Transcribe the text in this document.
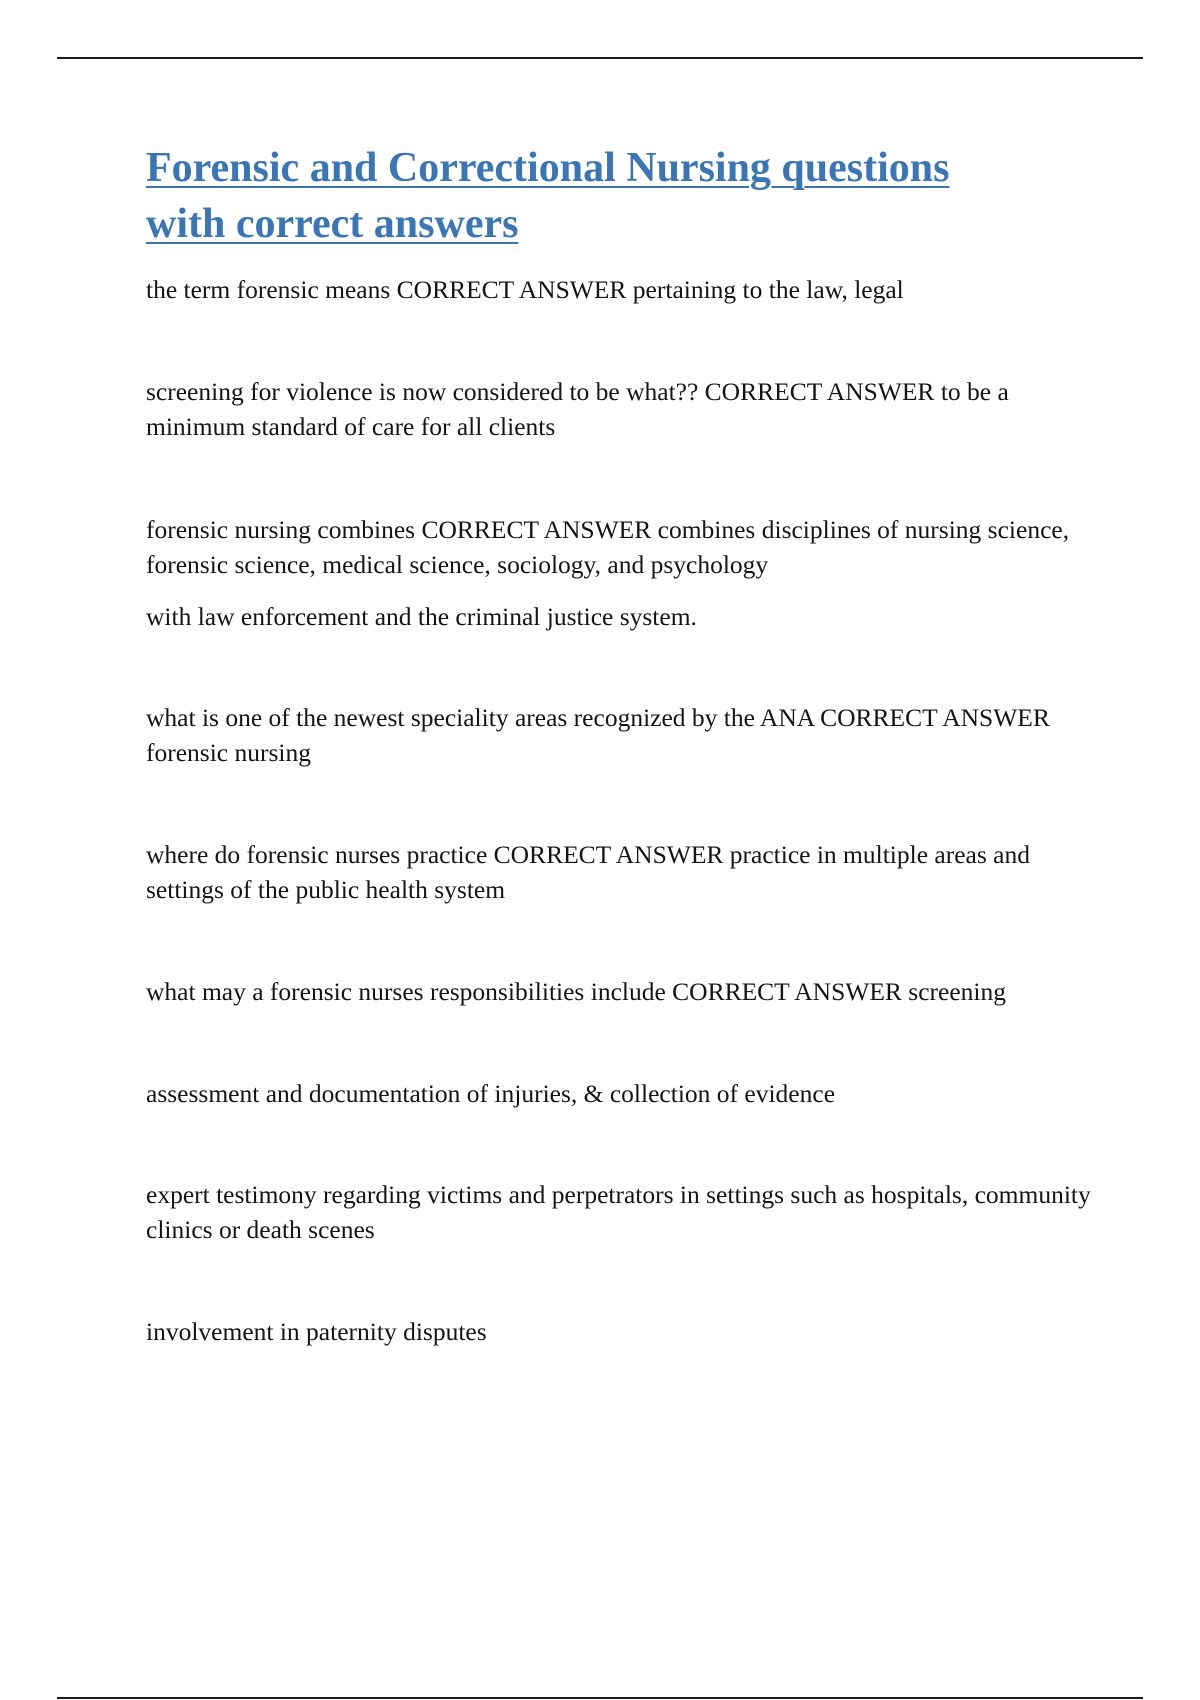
Forensic and Correctional Nursing questions
with correct answers

the term forensic means CORRECT ANSWER pertaining to the law, legal

screening for violence is now considered to be what?? CORRECT ANSWER to be a minimum standard of care for all clients

forensic nursing combines CORRECT ANSWER combines disciplines of nursing science, forensic science, medical science, sociology, and psychology

with law enforcement and the criminal justice system.

what is one of the newest speciality areas recognized by the ANA CORRECT ANSWER forensic nursing

where do forensic nurses practice CORRECT ANSWER practice in multiple areas and settings of the public health system

what may a forensic nurses responsibilities include CORRECT ANSWER screening

assessment and documentation of injuries, & collection of evidence

expert testimony regarding victims and perpetrators in settings such as hospitals, community clinics or death scenes

involvement in paternity disputes
